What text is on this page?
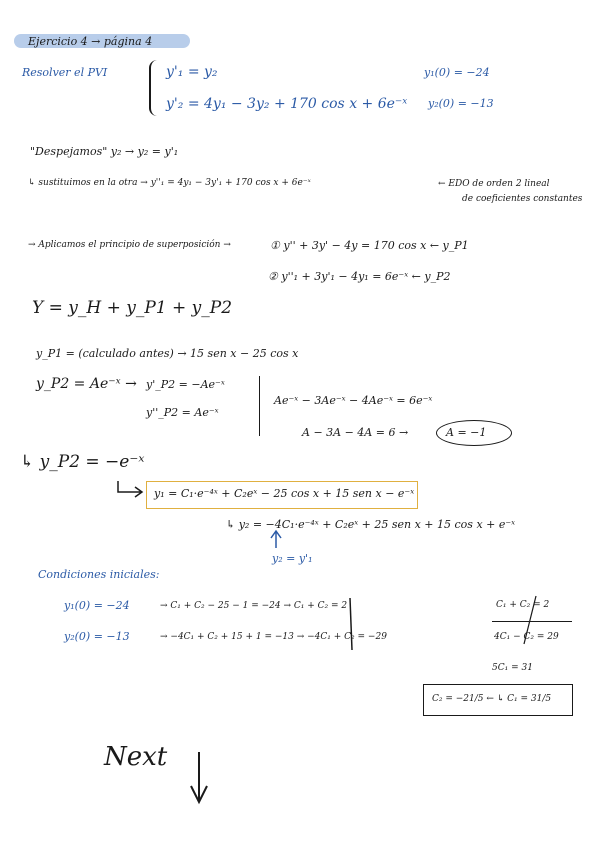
Ejercicio 4 → página 4
Resolver el PVI	y'₁ = y₂
y'₂ = 4y₁ − 3y₂ + 170 cos x + 6e⁻ˣ
y₁(0) = −24
y₂(0) = −13
"Despejamos" y₂ → y₂ = y'₁
↳ sustituimos en la otra → y''₁ = 4y₁ − 3y'₁ + 170 cos x + 6e⁻ˣ	← EDO de orden 2 lineal
de coeficientes constantes
→ Aplicamos el principio de superposición →	① y'' + 3y' − 4y = 170 cos x ← y_P1
② y''₁ + 3y'₁ − 4y₁ = 6e⁻ˣ ← y_P2
Y = y_H + y_P1 + y_P2
y_P1 = (calculado antes) → 15 sen x − 25 cos x
y_P2 = Ae⁻ˣ → y'_P2 = −Ae⁻ˣ
y''_P2 = Ae⁻ˣ
Ae⁻ˣ − 3Ae⁻ˣ − 4Ae⁻ˣ = 6e⁻ˣ
A − 3A − 4A = 6 →	A = −1
↳ y_P2 = −e⁻ˣ
y₁ = C₁·e⁻⁴ˣ + C₂eˣ − 25 cos x + 15 sen x − e⁻ˣ
↳ y₂ = −4C₁·e⁻⁴ˣ + C₂eˣ + 25 sen x + 15 cos x + e⁻ˣ
y₂ = y'₁
Condiciones iniciales:
y₁(0) = −24	→ C₁ + C₂ − 25 − 1 = −24 → C₁ + C₂ = 2
y₂(0) = −13	→ −4C₁ + C₂ + 15 + 1 = −13 → −4C₁ + C₂ = −29
C₁ + C₂ = 2
4C₁ − C₂ = 29
5C₁ = 31
C₂ = −21/5 ← ↳ C₁ = 31/5
Next
